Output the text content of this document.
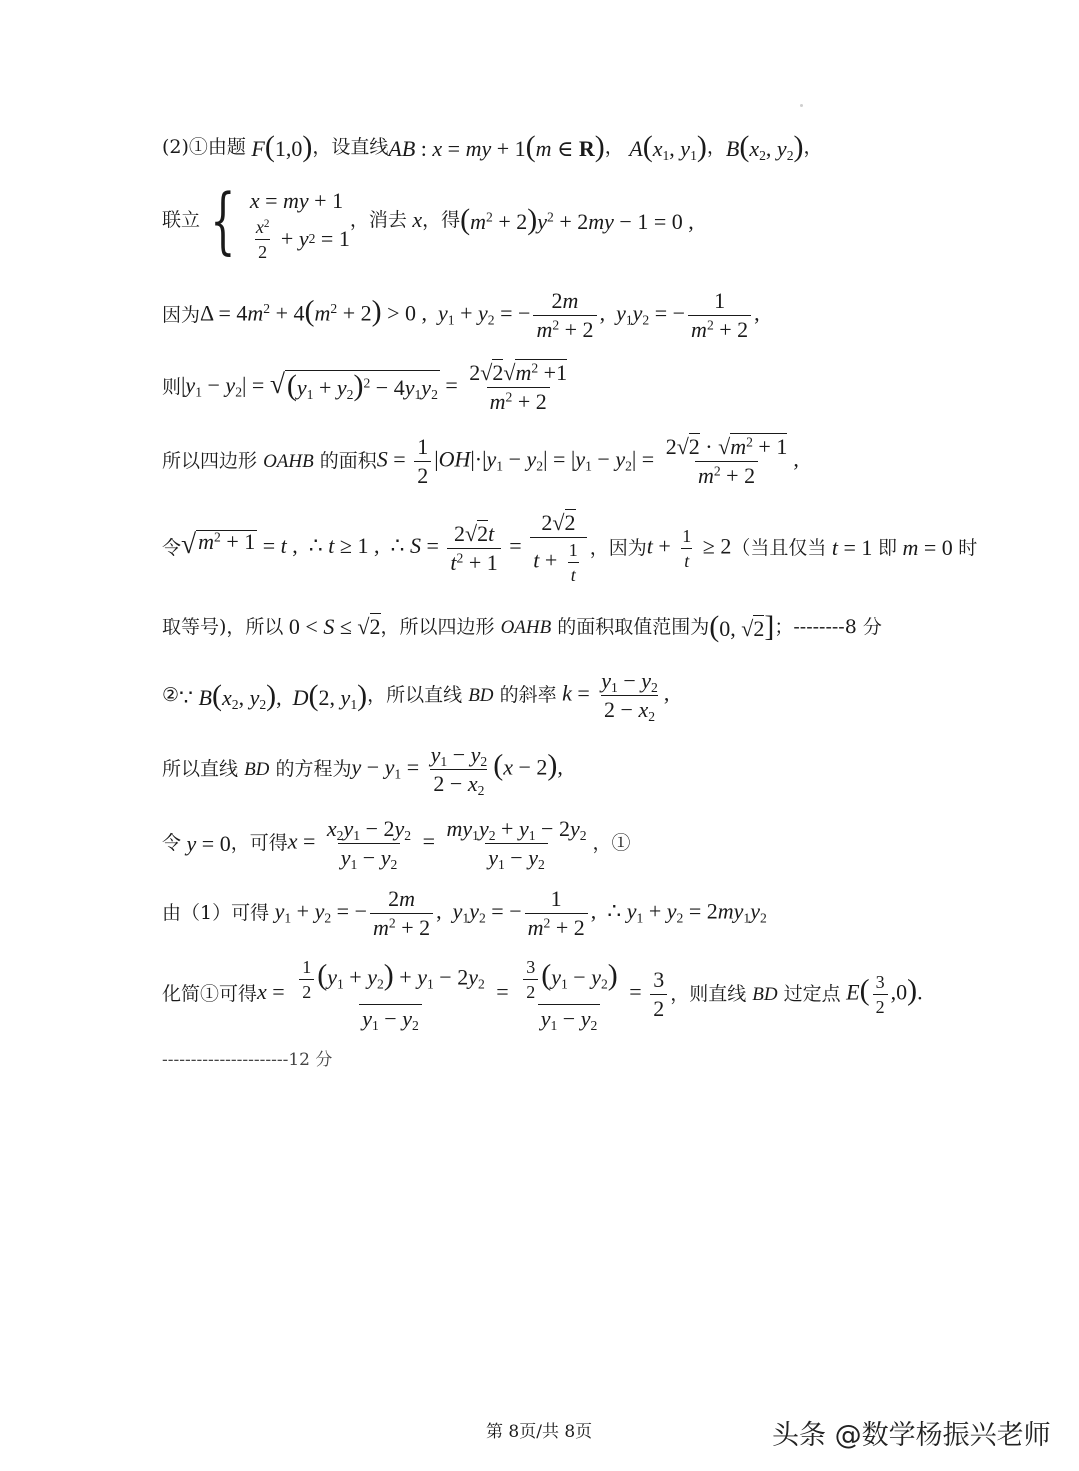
(2)①由题 F(1,0) ，设直线 AB : x = my + 1(m ∈ R) ， $A(x_1$, $y_1$) ， $B(x_2$, $y_2$) ，
联立 { x = my + 1
$\frac{x^2}{2} + y$ 2 = 1
，消去 x ，得 $(m^2 + 2)y^2 + 2my - 1 = 0$ ,
因为 $\Delta = 4m^2 + 4(m^2 + 2) > 0$ ,  $y_1 + y_2$ = − $\frac{2m}{m^2 + 2}$ ,  $y_1y_2$ = − $\frac{1}{m^2 + 2}$ ,
则 $|y_1 - y_2|$ = √ $(y_1 + y_2)^2 - 4y_1y_2 = \frac{2√2√m^2 +1}{m^2 + 2}$
所以四边形
OAHB
的面积 $S = \frac{1}{2} |OH|\cdot|y_1 - y_2| = |y_1 - y_2| = \frac{2√2 \cdot √m^2 + 1}{m^2 + 2}$ ,
令 √ $m^2 + 1 = t$ ,  ∴ t ≥ 1 ,  ∴ $S = \frac{2√2t}{t^2 + 1} = \frac{2√2}{t + \frac{1}{t}}$ ，因为 $t + \frac{1}{t} \ge 2$ （当且仅当 t = 1 即 m = 0 时
取等号)，所以 0 < S ≤ √2 ，所以四边形
OAHB
的面积取值范围为 (0, √2] ；--------8 分
② ∵ $B(x_2$, $y_2$),  D(2, $y_1$) ，所以直线
BD
的斜率 $k = \frac{y_1 - y_2}{2 - x_2}$ ,
所以直线
BD
的方程为 $y - y_1 = \frac{y_1 - y_2}{2 - x_2} (x - 2)$,
令 y = 0 ，可得 $x = \frac{x_2y_1 - 2y_2}{y_1 - y_2} = \frac{my_1y_2 + y_1 - 2y_2}{y_1 - y_2}$ ，①
由（1）可得 $y_1 + y_2$ = − $\frac{2m}{m^2 + 2}$ ,  $y_1y_2$ = − $\frac{1}{m^2 + 2}$ ,  ∴ $y_1 + y_2 = 2my_1y_2$
化简①可得 $x = \frac{\frac{1}{2} (y_1 + y_2) + y_1 - 2y_2}{y_1 - y_2} = \frac{\frac{3}{2} (y_1 - y_2)}{y_1 - y_2} = \frac{3}{2}$ ，则直线
BD
过定点 $E( \frac{3}{2} ,0)$.
----------------------12 分
第 8页/共 8页	头条 @数学杨振兴老师
